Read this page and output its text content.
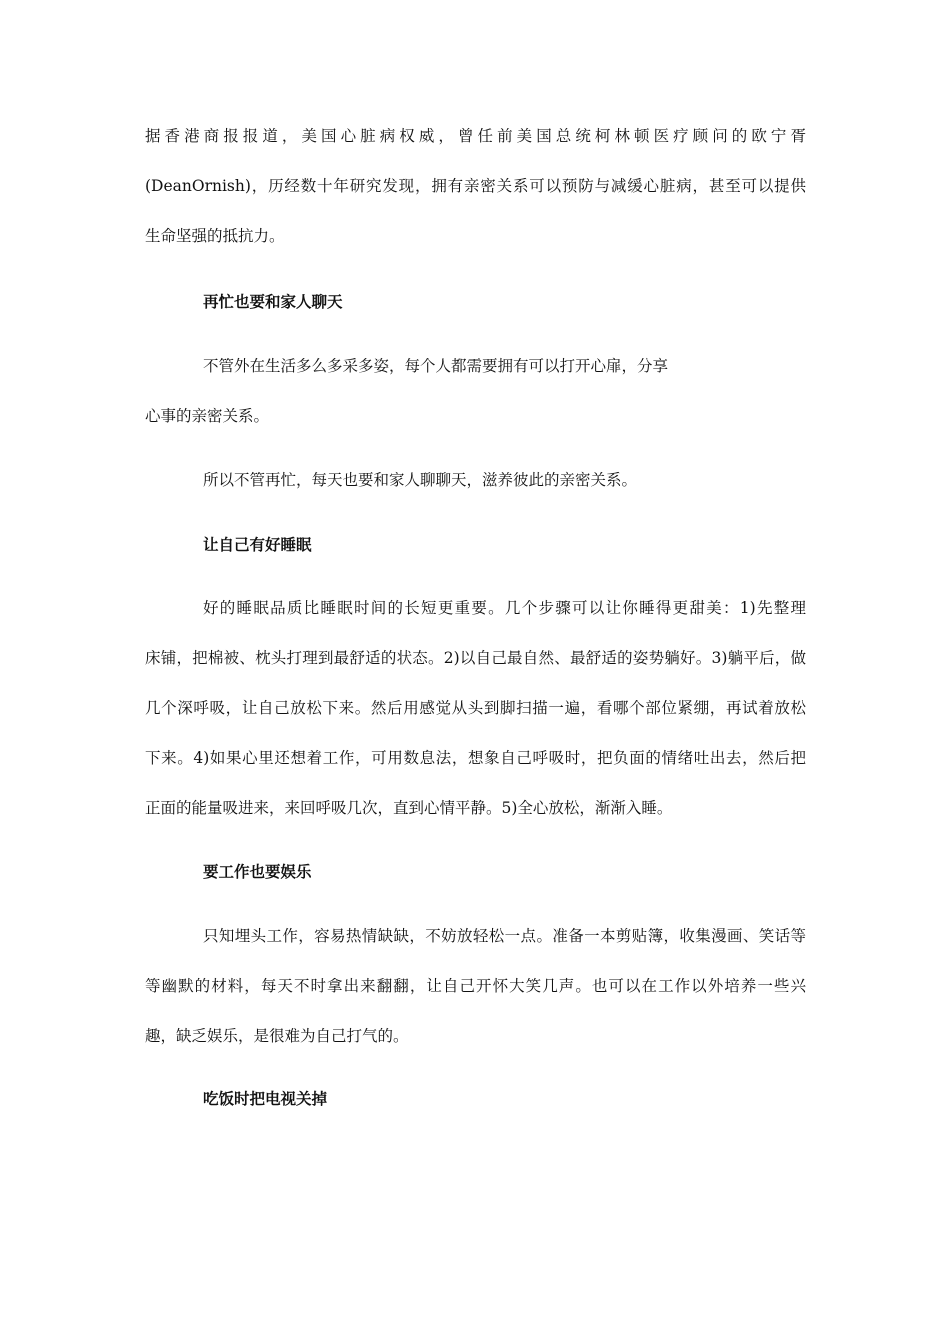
据香港商报报道，美国心脏病权威，曾任前美国总统柯林顿医疗顾问的欧宁胥

(DeanOrnish)，历经数十年研究发现，拥有亲密关系可以预防与减缓心脏病，甚至可以提供

生命坚强的抵抗力。

再忙也要和家人聊天

不管外在生活多么多采多姿，每个人都需要拥有可以打开心扉，分享

心事的亲密关系。

所以不管再忙，每天也要和家人聊聊天，滋养彼此的亲密关系。

让自己有好睡眠

好的睡眠品质比睡眠时间的长短更重要。几个步骤可以让你睡得更甜美：1)先整理

床铺，把棉被、枕头打理到最舒适的状态。2)以自己最自然、最舒适的姿势躺好。3)躺平后，做

几个深呼吸，让自己放松下来。然后用感觉从头到脚扫描一遍，看哪个部位紧绷，再试着放松

下来。4)如果心里还想着工作，可用数息法，想象自己呼吸时，把负面的情绪吐出去，然后把

正面的能量吸进来，来回呼吸几次，直到心情平静。5)全心放松，渐渐入睡。

要工作也要娱乐

只知埋头工作，容易热情缺缺，不妨放轻松一点。准备一本剪贴簿，收集漫画、笑话等

等幽默的材料，每天不时拿出来翻翻，让自己开怀大笑几声。也可以在工作以外培养一些兴

趣，缺乏娱乐，是很难为自己打气的。

吃饭时把电视关掉
